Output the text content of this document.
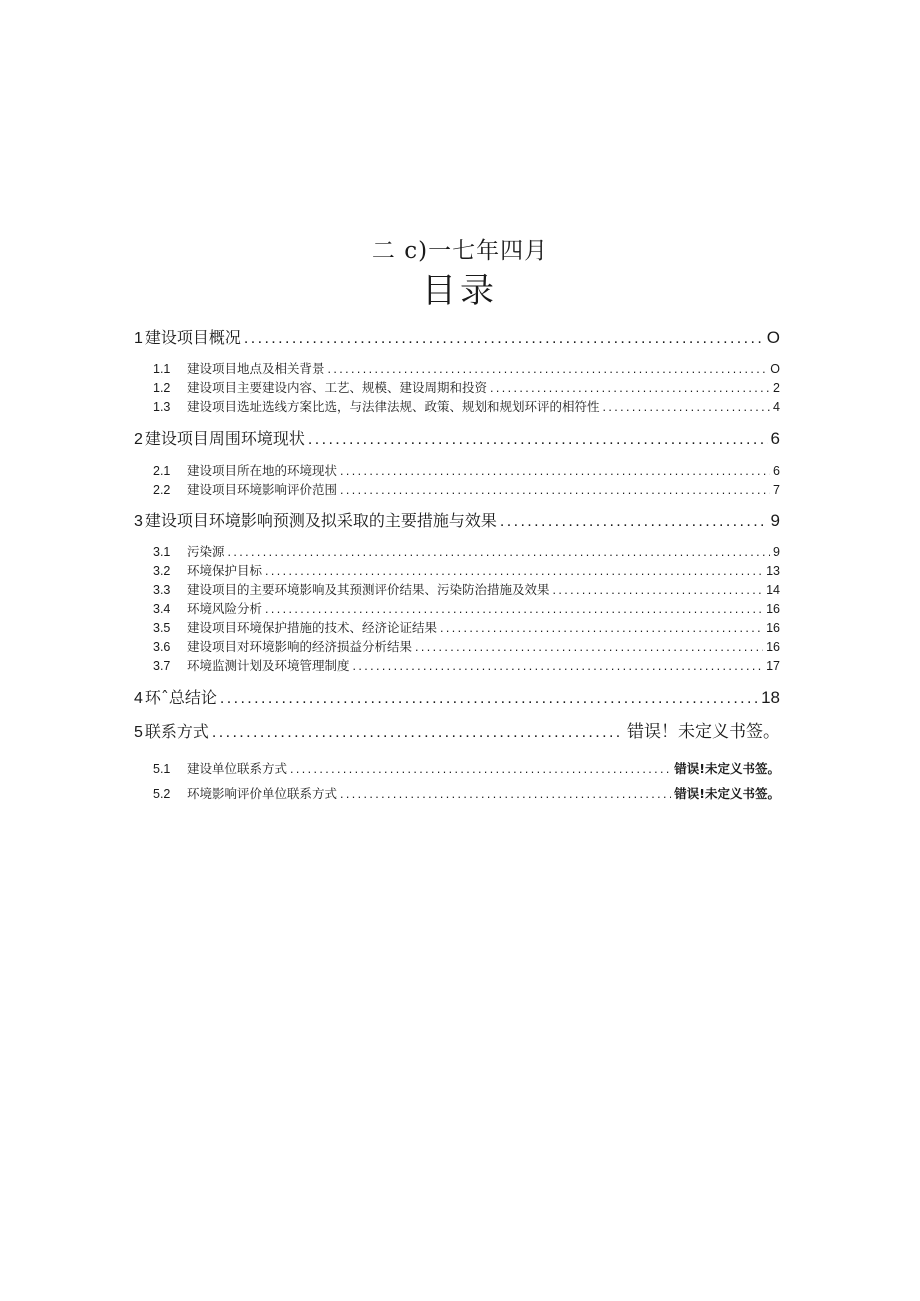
二 c)一七年四月
目录
1 建设项目概况 .....	O
1.1	建设项目地点及相关背景 .....	O
1.2	建设项目主要建设内容、工艺、规模、建设周期和投资 .....	2
1.3	建设项目选址选线方案比选，与法律法规、政策、规划和规划环评的相符性 .....	4
2 建设项目周围环境现状 .....	6
2.1	建设项目所在地的环境现状 .....	6
2.2	建设项目环境影响评价范围 .....	7
3 建设项目环境影响预测及拟采取的主要措施与效果 .....	9
3.1	污染源 .....	9
3.2	环境保护目标 .....	13
3.3	建设项目的主要环境影响及其预测评价结果、污染防治措施及效果 .....	14
3.4	环境风险分析 .....	16
3.5	建设项目环境保护措施的技术、经济论证结果 .....	16
3.6	建设项目对环境影响的经济损益分析结果 .....	16
3.7	环境监测计划及环境管理制度 .....	17
4 环ˆ总结论 .....	18
5 联系方式 .....	错误！未定义书签。
5.1	建设单位联系方式 .....	错误!未定义书签。
5.2	环境影响评价单位联系方式 .....	错误!未定义书签。
